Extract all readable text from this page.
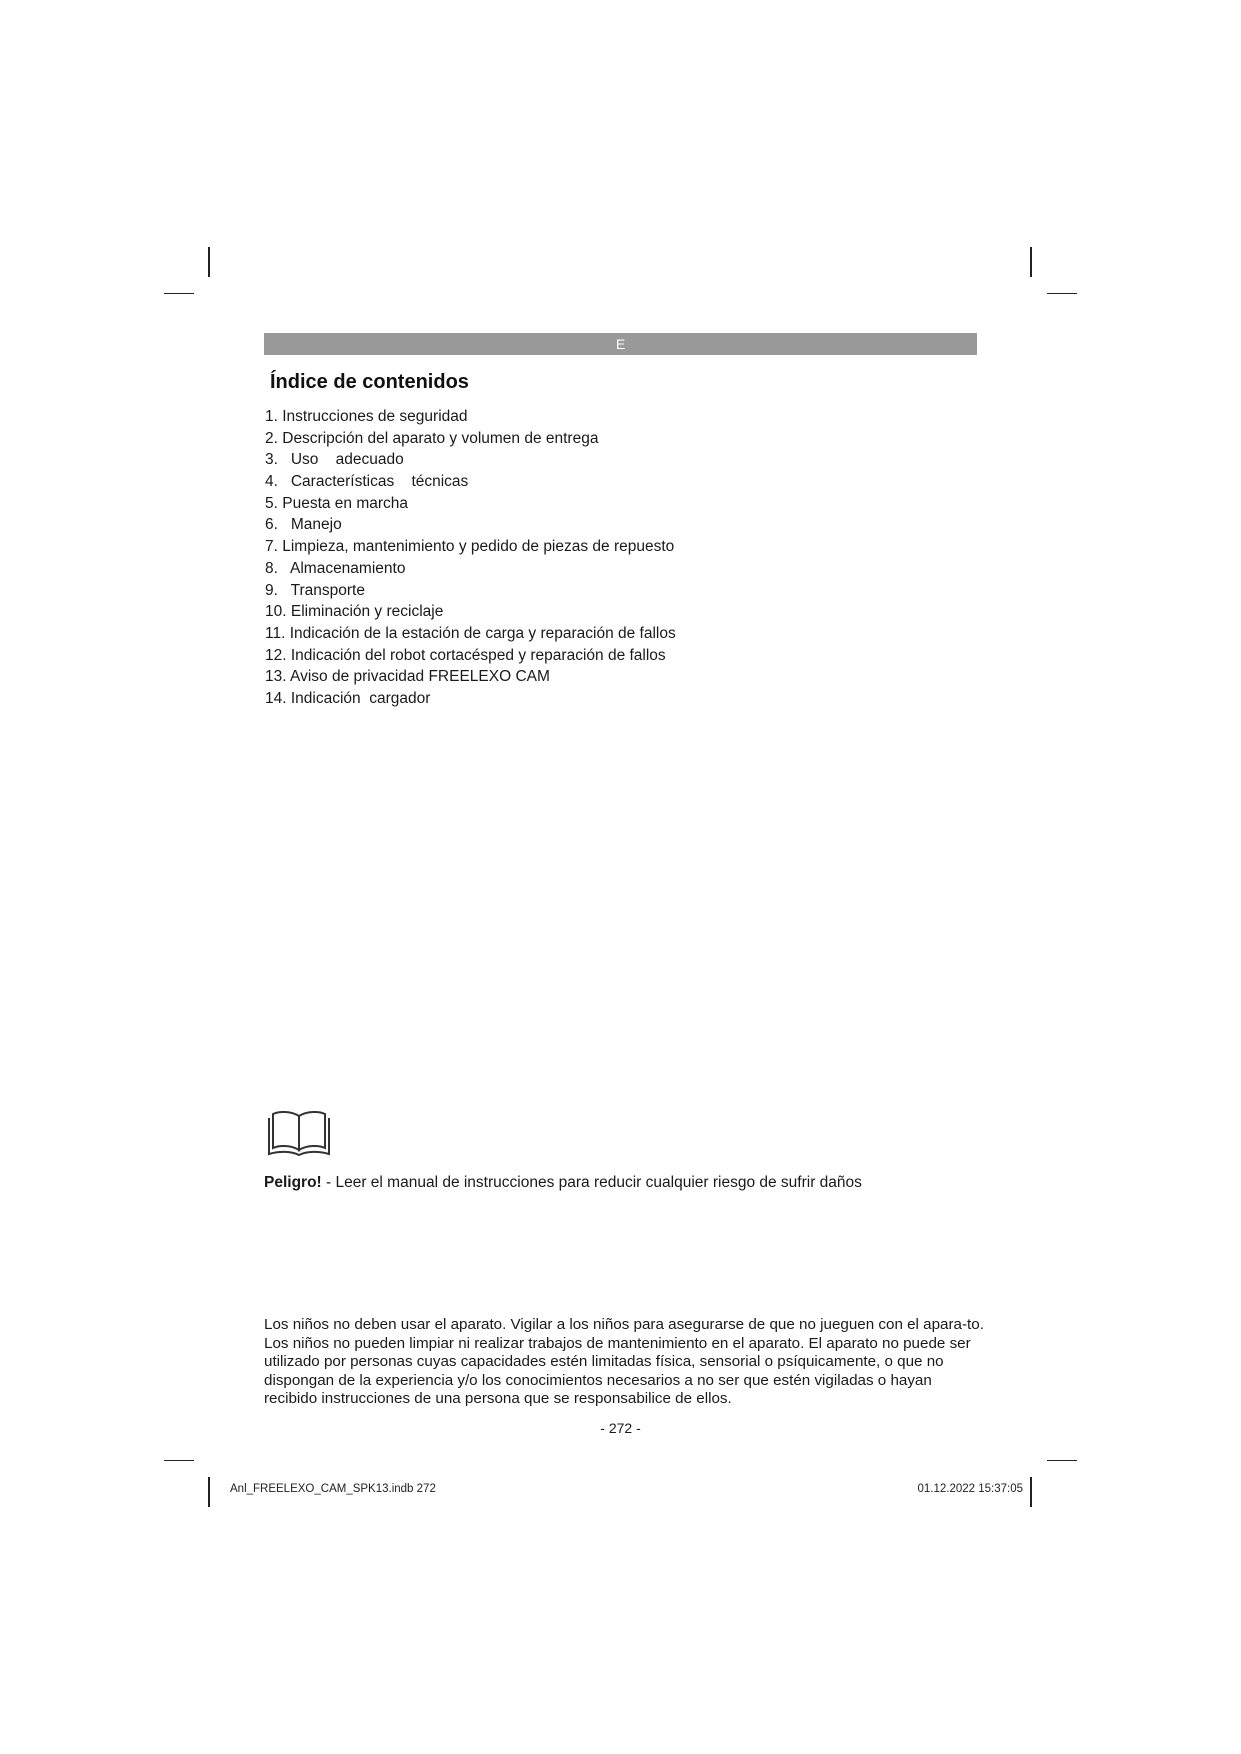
E
Índice de contenidos
1. Instrucciones de seguridad
2. Descripción del aparato y volumen de entrega
3.   Uso    adecuado
4.   Características    técnicas
5. Puesta en marcha
6.   Manejo
7. Limpieza, mantenimiento y pedido de piezas de repuesto
8.   Almacenamiento
9.   Transporte
10. Eliminación y reciclaje
11. Indicación de la estación de carga y reparación de fallos
12. Indicación del robot cortacésped y reparación de fallos
13. Aviso de privacidad FREELEXO CAM
14. Indicación  cargador

Peligro! - Leer el manual de instrucciones para reducir cualquier riesgo de sufrir daños

Los niños no deben usar el aparato. Vigilar a los niños para asegurarse de que no jueguen con el apara-to. Los niños no pueden limpiar ni realizar trabajos de mantenimiento en el aparato. El aparato no puede ser utilizado por personas cuyas capacidades estén limitadas física, sensorial o psíquicamente, o que no dispongan de la experiencia y/o los conocimientos necesarios a no ser que estén vigiladas o hayan recibido instrucciones de una persona que se responsabilice de ellos.

- 272 -
Anl_FREELEXO_CAM_SPK13.indb 272	01.12.2022 15:37:05
